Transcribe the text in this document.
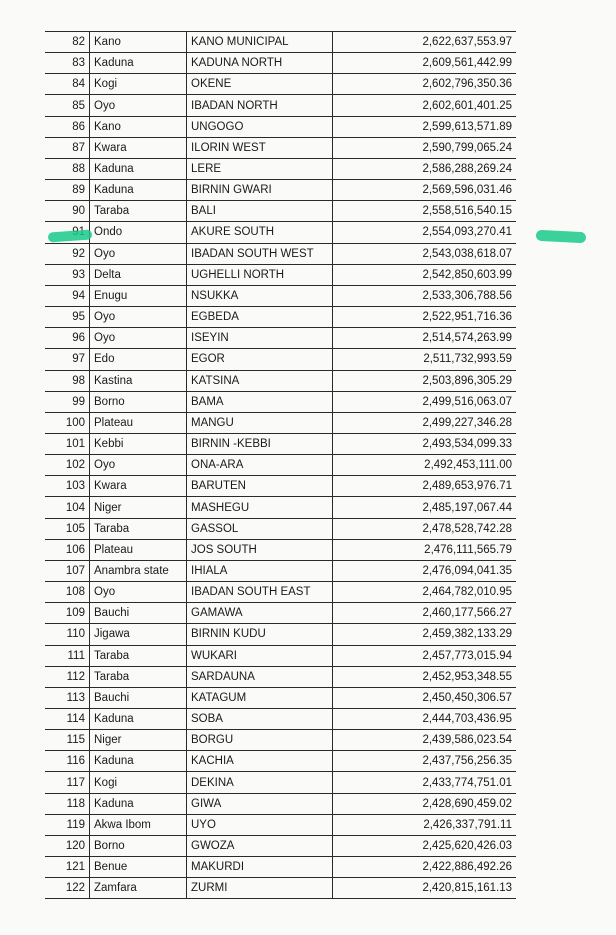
82	Kano	KANO MUNICIPAL	2,622,637,553.97
83	Kaduna	KADUNA NORTH	2,609,561,442.99
84	Kogi	OKENE	2,602,796,350.36
85	Oyo	IBADAN NORTH	2,602,601,401.25
86	Kano	UNGOGO	2,599,613,571.89
87	Kwara	ILORIN WEST	2,590,799,065.24
88	Kaduna	LERE	2,586,288,269.24
89	Kaduna	BIRNIN GWARI	2,569,596,031.46
90	Taraba	BALI	2,558,516,540.15
	Ondo	AKURE SOUTH	2,554,093,270.41
92	Oyo	IBADAN SOUTH WEST	2,543,038,618.07
93	Delta	UGHELLI NORTH	2,542,850,603.99
94	Enugu	NSUKKA	2,533,306,788.56
95	Oyo	EGBEDA	2,522,951,716.36
96	Oyo	ISEYIN	2,514,574,263.99
97	Edo	EGOR	2,511,732,993.59
98	Kastina	KATSINA	2,503,896,305.29
99	Borno	BAMA	2,499,516,063.07
100	Plateau	MANGU	2,499,227,346.28
101	Kebbi	BIRNIN -KEBBI	2,493,534,099.33
102	Oyo	ONA-ARA	2,492,453,111.00
103	Kwara	BARUTEN	2,489,653,976.71
104	Niger	MASHEGU	2,485,197,067.44
105	Taraba	GASSOL	2,478,528,742.28
106	Plateau	JOS SOUTH	2,476,111,565.79
107	Anambra state	IHIALA	2,476,094,041.35
108	Oyo	IBADAN SOUTH EAST	2,464,782,010.95
109	Bauchi	GAMAWA	2,460,177,566.27
110	Jigawa	BIRNIN KUDU	2,459,382,133.29
111	Taraba	WUKARI	2,457,773,015.94
112	Taraba	SARDAUNA	2,452,953,348.55
113	Bauchi	KATAGUM	2,450,450,306.57
114	Kaduna	SOBA	2,444,703,436.95
115	Niger	BORGU	2,439,586,023.54
116	Kaduna	KACHIA	2,437,756,256.35
117	Kogi	DEKINA	2,433,774,751.01
118	Kaduna	GIWA	2,428,690,459.02
119	Akwa Ibom	UYO	2,426,337,791.11
120	Borno	GWOZA	2,425,620,426.03
121	Benue	MAKURDI	2,422,886,492.26
122	Zamfara	ZURMI	2,420,815,161.13
